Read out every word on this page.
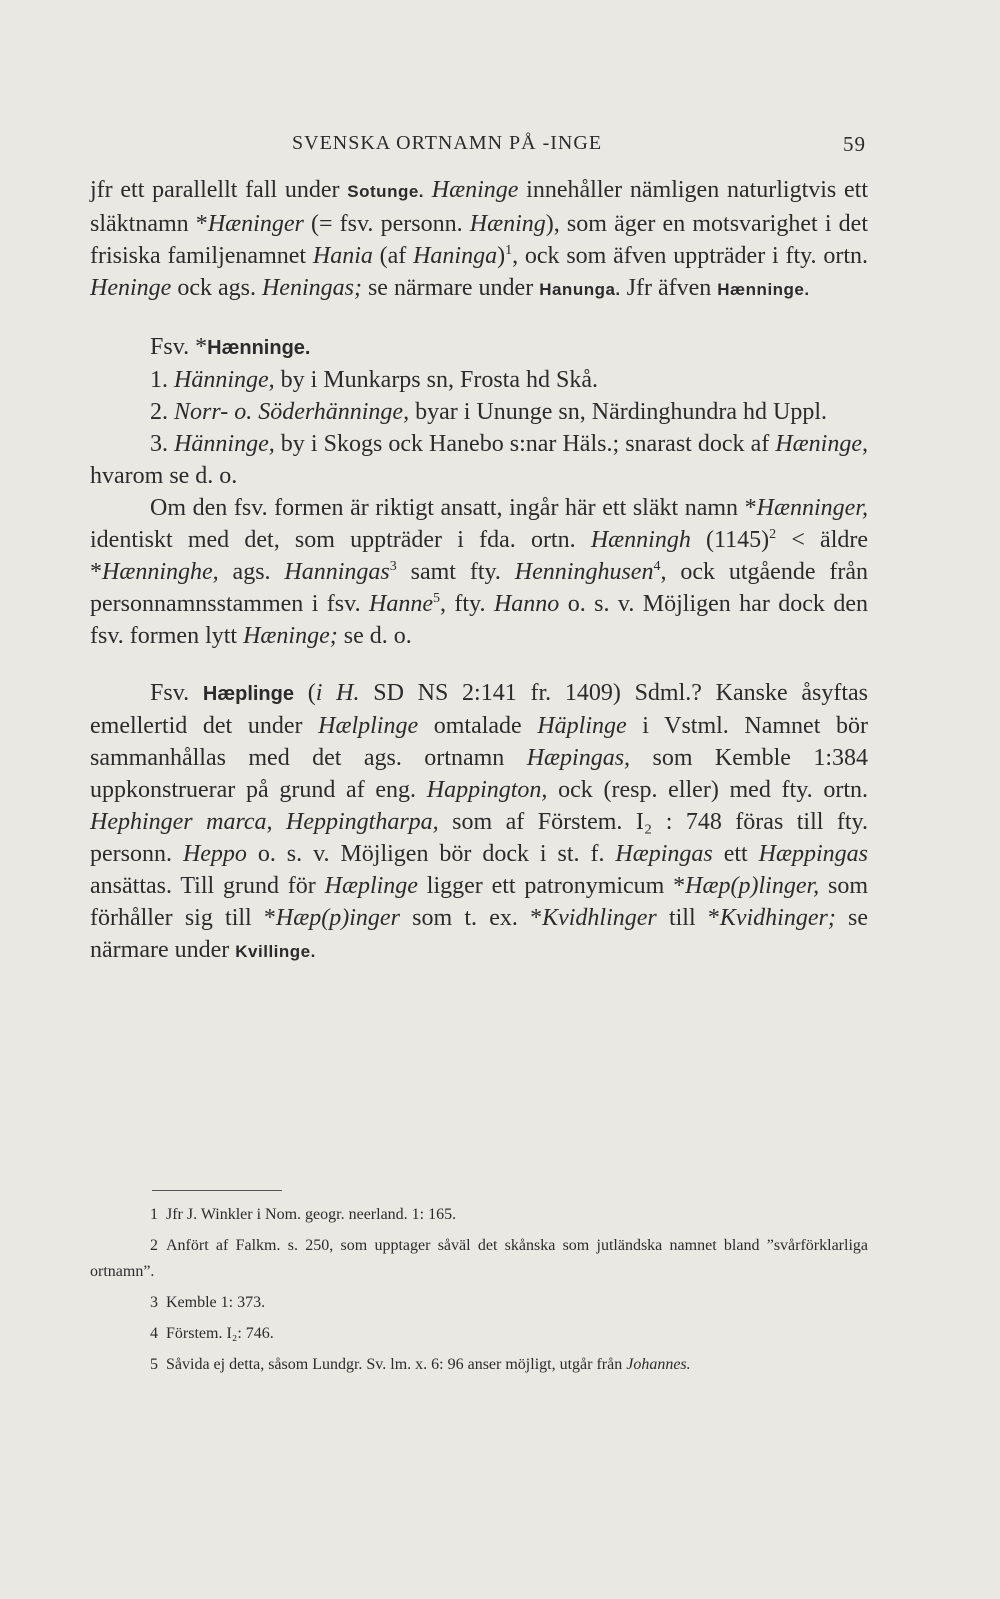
SVENSKA ORTNAMN PÅ -INGE	59

jfr ett parallellt fall under Sotunge. Hæninge innehåller nämligen naturligtvis ett släktnamn *Hæninger (= fsv. personn. Hæning), som äger en motsvarighet i det frisiska familjenamnet Hania (af Haninga)$^1$, ock som äfven uppträder i fty. ortn. Heninge ock ags. Heningas; se närmare under Hanunga. Jfr äfven Hænninge.

Fsv. *Hænninge.

1. Hänninge, by i Munkarps sn, Frosta hd Skå.

2. Norr- o. Söderhänninge, byar i Ununge sn, Närdinghundra hd Uppl.

3. Hänninge, by i Skogs ock Hanebo s:nar Häls.; snarast dock af Hæninge, hvarom se d. o.

Om den fsv. formen är riktigt ansatt, ingår här ett släkt namn *Hænninger, identiskt med det, som uppträder i fda. ortn. Hænningh $(1145)^2$ < äldre *Hænninghe, ags. Hanningas$^3$ samt fty. Henninghusen$^4$, ock utgående från personnamnsstammen i fsv. Hanne$^5$, fty. Hanno o. s. v. Möjligen har dock den fsv. formen lytt Hæninge; se d. o.

Fsv. Hæplinge (i H. SD NS 2:141 fr. 1409) Sdml.? Kanske åsyftas emellertid det under Hælplinge omtalade Häplinge i Vstml. Namnet bör sammanhållas med det ags. ortnamn Hæpingas, som Kemble 1:384 uppkonstruerar på grund af eng. Happington, ock (resp. eller) med fty. ortn. Hephinger marca, Heppingtharpa, som af Förstem. I₂ : 748 föras till fty. personn. Heppo o. s. v. Möjligen bör dock i st. f. Hæpingas ett Hæppingas ansättas. Till grund för Hæplinge ligger ett patronymicum *Hæp(p)linger, som förhåller sig till *Hæp(p)inger som t. ex. *Kvidhlinger till *Kvidhinger; se närmare under Kvillinge.

1 Jfr J. Winkler i Nom. geogr. neerland. 1: 165.

2 Anfört af Falkm. s. 250, som upptager såväl det skånska som jutländska namnet bland ”svårförklarliga ortnamn”.

3 Kemble 1: 373.

4 Förstem. I₂: 746.

5 Såvida ej detta, såsom Lundgr. Sv. lm. x. 6: 96 anser möjligt, utgår från Johannes.
